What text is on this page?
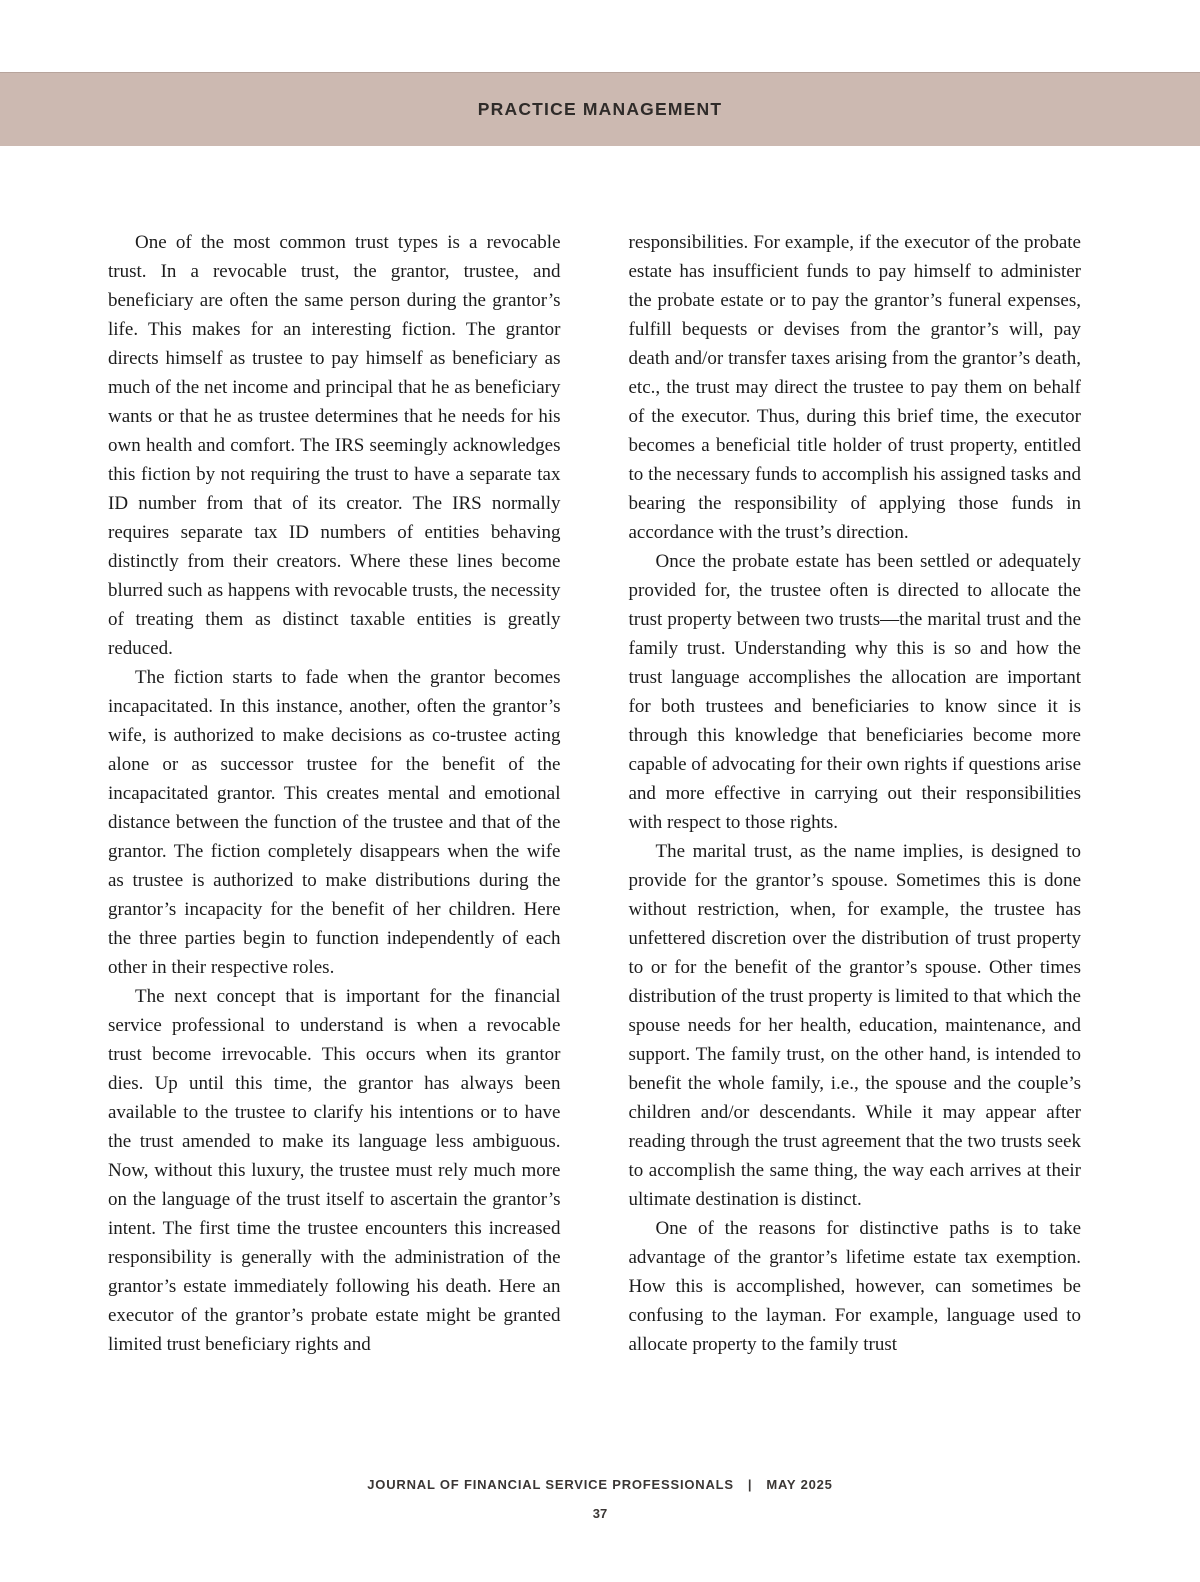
PRACTICE MANAGEMENT

One of the most common trust types is a revocable trust. In a revocable trust, the grantor, trustee, and beneficiary are often the same person during the grantor’s life. This makes for an interesting fiction. The grantor directs himself as trustee to pay himself as beneficiary as much of the net income and principal that he as beneficiary wants or that he as trustee determines that he needs for his own health and comfort. The IRS seemingly acknowledges this fiction by not requiring the trust to have a separate tax ID number from that of its creator. The IRS normally requires separate tax ID numbers of entities behaving distinctly from their creators. Where these lines become blurred such as happens with revocable trusts, the necessity of treating them as distinct taxable entities is greatly reduced.

The fiction starts to fade when the grantor becomes incapacitated. In this instance, another, often the grantor’s wife, is authorized to make decisions as co-trustee acting alone or as successor trustee for the benefit of the incapacitated grantor. This creates mental and emotional distance between the function of the trustee and that of the grantor. The fiction completely disappears when the wife as trustee is authorized to make distributions during the grantor’s incapacity for the benefit of her children. Here the three parties begin to function independently of each other in their respective roles.

The next concept that is important for the financial service professional to understand is when a revocable trust become irrevocable. This occurs when its grantor dies. Up until this time, the grantor has always been available to the trustee to clarify his intentions or to have the trust amended to make its language less ambiguous. Now, without this luxury, the trustee must rely much more on the language of the trust itself to ascertain the grantor’s intent. The first time the trustee encounters this increased responsibility is generally with the administration of the grantor’s estate immediately following his death. Here an executor of the grantor’s probate estate might be granted limited trust beneficiary rights and

responsibilities. For example, if the executor of the probate estate has insufficient funds to pay himself to administer the probate estate or to pay the grantor’s funeral expenses, fulfill bequests or devises from the grantor’s will, pay death and/or transfer taxes arising from the grantor’s death, etc., the trust may direct the trustee to pay them on behalf of the executor. Thus, during this brief time, the executor becomes a beneficial title holder of trust property, entitled to the necessary funds to accomplish his assigned tasks and bearing the responsibility of applying those funds in accordance with the trust’s direction.

Once the probate estate has been settled or adequately provided for, the trustee often is directed to allocate the trust property between two trusts—the marital trust and the family trust. Understanding why this is so and how the trust language accomplishes the allocation are important for both trustees and beneficiaries to know since it is through this knowledge that beneficiaries become more capable of advocating for their own rights if questions arise and more effective in carrying out their responsibilities with respect to those rights.

The marital trust, as the name implies, is designed to provide for the grantor’s spouse. Sometimes this is done without restriction, when, for example, the trustee has unfettered discretion over the distribution of trust property to or for the benefit of the grantor’s spouse. Other times distribution of the trust property is limited to that which the spouse needs for her health, education, maintenance, and support. The family trust, on the other hand, is intended to benefit the whole family, i.e., the spouse and the couple’s children and/or descendants. While it may appear after reading through the trust agreement that the two trusts seek to accomplish the same thing, the way each arrives at their ultimate destination is distinct.

One of the reasons for distinctive paths is to take advantage of the grantor’s lifetime estate tax exemption. How this is accomplished, however, can sometimes be confusing to the layman. For example, language used to allocate property to the family trust

JOURNAL OF FINANCIAL SERVICE PROFESSIONALS | MAY 2025
37
